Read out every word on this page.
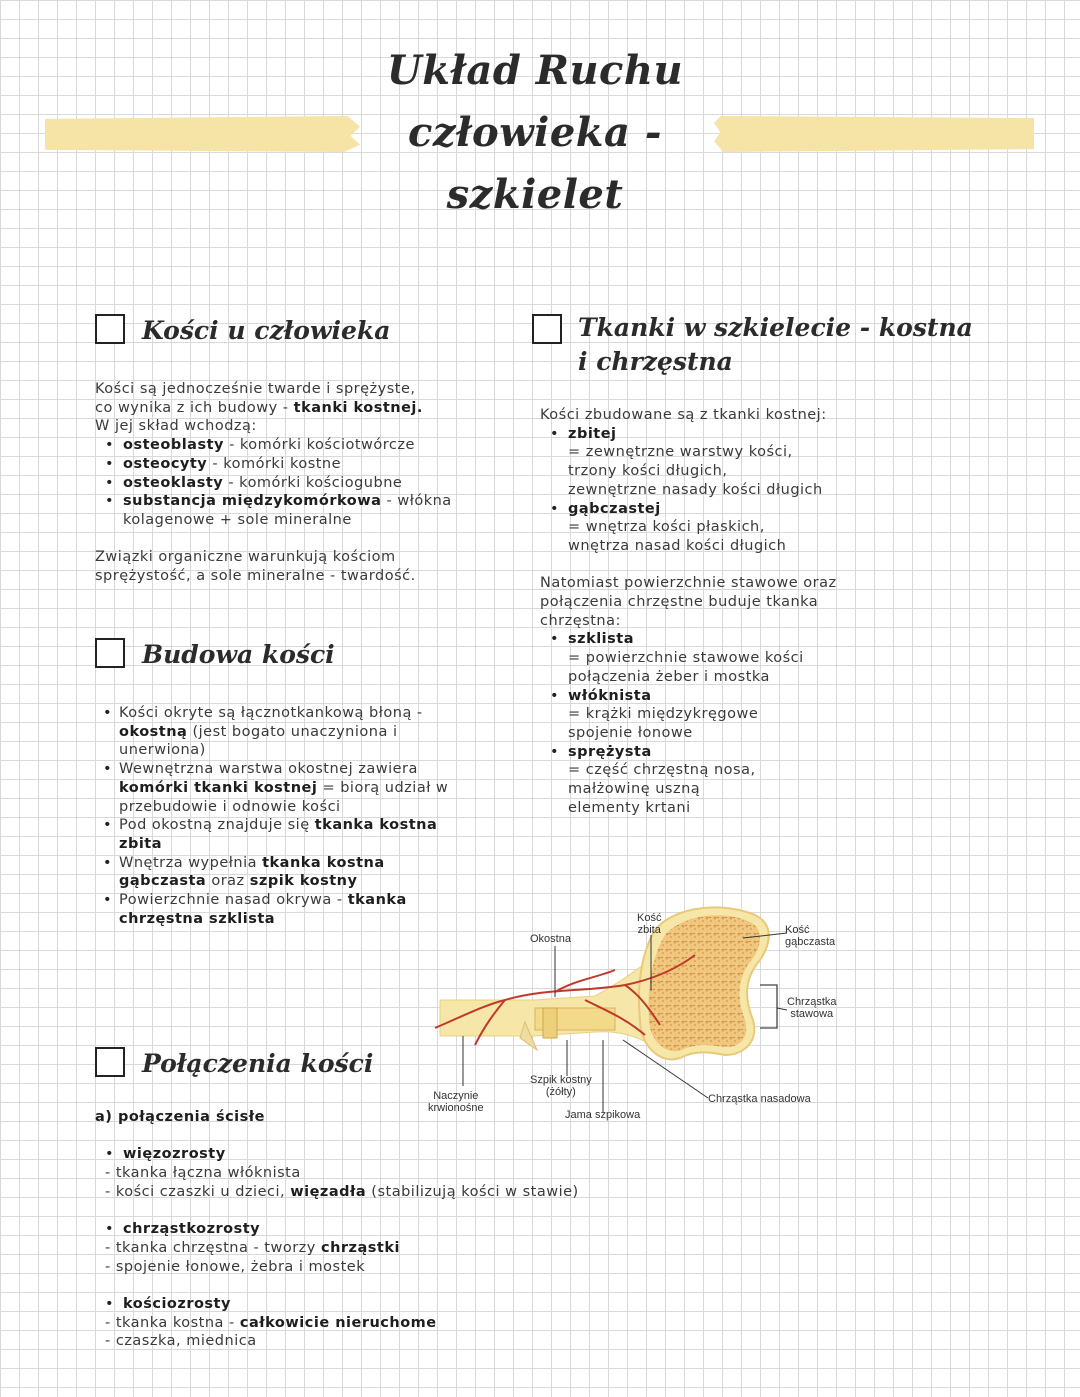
Układ Ruchu
człowieka -
szkielet
Kości u człowieka

Kości są jednocześnie twarde i sprężyste,

co wynika z ich budowy - tkanki kostnej.

W jej skład wchodzą:

• osteoblasty - komórki kościotwórcze
• osteocyty - komórki kostne
• osteoklasty - komórki kościogubne
• substancja międzykomórkowa - włókna
kolagenowe + sole mineralne

Związki organiczne warunkują kościom

sprężystość, a sole mineralne - twardość.

Budowa kości
• Kości okryte są łącznotkankową błoną -
okostną (jest bogato unaczyniona i
unerwiona)
• Wewnętrzna warstwa okostnej zawiera
komórki tkanki kostnej = biorą udział w
przebudowie i odnowie kości
• Pod okostną znajduje się tkanka kostna
zbita
• Wnętrza wypełnia tkanka kostna
gąbczasta oraz szpik kostny
• Powierzchnie nasad okrywa - tkanka
chrzęstna szklista
Tkanki w szkielecie - kostna
i chrzęstna

Kości zbudowane są z tkanki kostnej:

• zbitej
= zewnętrzne warstwy kości,
trzony kości długich,
zewnętrzne nasady kości długich
• gąbczastej
= wnętrza kości płaskich,
wnętrza nasad kości długich

Natomiast powierzchnie stawowe oraz

połączenia chrzęstne buduje tkanka

chrzęstna:

• szklista
= powierzchnie stawowe kości
połączenia żeber i mostka
• włóknista
= krążki międzykręgowe
spojenie łonowe
• sprężysta
= część chrzęstną nosa,
małżowinę uszną
elementy krtani
Okostna
Kość
zbita	Kość
gąbczasta
Chrząstka
stawowa
Naczynie
krwionośne
Szpik kostny
(żółty)
Jama szpikowa
Chrząstka nasadowa
Połączenia kości

a) połączenia ścisłe

• więzozrosty

- tkanka łączna włóknista

- kości czaszki u dzieci, więzadła (stabilizują kości w stawie)

• chrząstkozrosty

- tkanka chrzęstna - tworzy chrząstki

- spojenie łonowe, żebra i mostek

• kościozrosty

- tkanka kostna - całkowicie nieruchome

- czaszka, miednica
